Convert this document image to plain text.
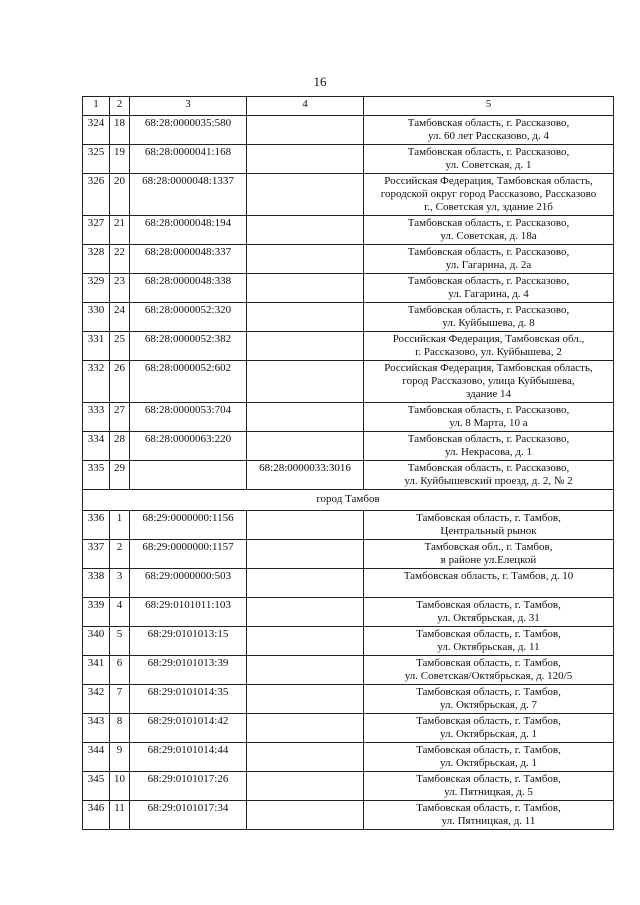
16
1	2	3	4	5
324	18	68:28:0000035:580		Тамбовская область, г. Рассказово,
ул. 60 лет Рассказово, д. 4
325	19	68:28:0000041:168		Тамбовская область, г. Рассказово,
ул. Советская, д. 1
326	20	68:28:0000048:1337		Российская Федерация, Тамбовская область,
городской округ город Рассказово, Рассказово
г., Советская ул, здание 21б
327	21	68:28:0000048:194		Тамбовская область, г. Рассказово,
ул. Советская, д. 18а
328	22	68:28:0000048:337		Тамбовская область, г. Рассказово,
ул. Гагарина, д. 2а
329	23	68:28:0000048:338		Тамбовская область, г. Рассказово,
ул. Гагарина, д. 4
330	24	68:28:0000052:320		Тамбовская область, г. Рассказово,
ул. Куйбышева, д. 8
331	25	68:28:0000052:382		Российская Федерация, Тамбовская обл.,
г. Рассказово, ул. Куйбышева, 2
332	26	68:28:0000052:602		Российская Федерация, Тамбовская область,
город Рассказово, улица Куйбышева,
здание 14
333	27	68:28:0000053:704		Тамбовская область, г. Рассказово,
ул. 8 Марта, 10 а
334	28	68:28:0000063:220		Тамбовская область, г. Рассказово,
ул. Некрасова, д. 1
335	29		68:28:0000033:3016	Тамбовская область, г. Рассказово,
ул. Куйбышевский проезд, д. 2, № 2
город Тамбов				
336	1	68:29:0000000:1156		Тамбовская область, г. Тамбов,
Центральный рынок
337	2	68:29:0000000:1157		Тамбовская обл., г. Тамбов,
в районе ул.Елецкой
338	3	68:29:0000000:503		Тамбовская область, г. Тамбов, д. 10
339	4	68:29:0101011:103		Тамбовская область, г. Тамбов,
ул. Октябрьская, д. 31
340	5	68:29:0101013:15		Тамбовская область, г. Тамбов,
ул. Октябрьская, д. 11
341	6	68:29:0101013:39		Тамбовская область, г. Тамбов,
ул. Советская/Октябрьская, д. 120/5
342	7	68:29:0101014:35		Тамбовская область, г. Тамбов,
ул. Октябрьская, д. 7
343	8	68:29:0101014:42		Тамбовская область, г. Тамбов,
ул. Октябрьская, д. 1
344	9	68:29:0101014:44		Тамбовская область, г. Тамбов,
ул. Октябрьская, д. 1
345	10	68:29:0101017:26		Тамбовская область, г. Тамбов,
ул. Пятницкая, д. 5
346	11	68:29:0101017:34		Тамбовская область, г. Тамбов,
ул. Пятницкая, д. 11
